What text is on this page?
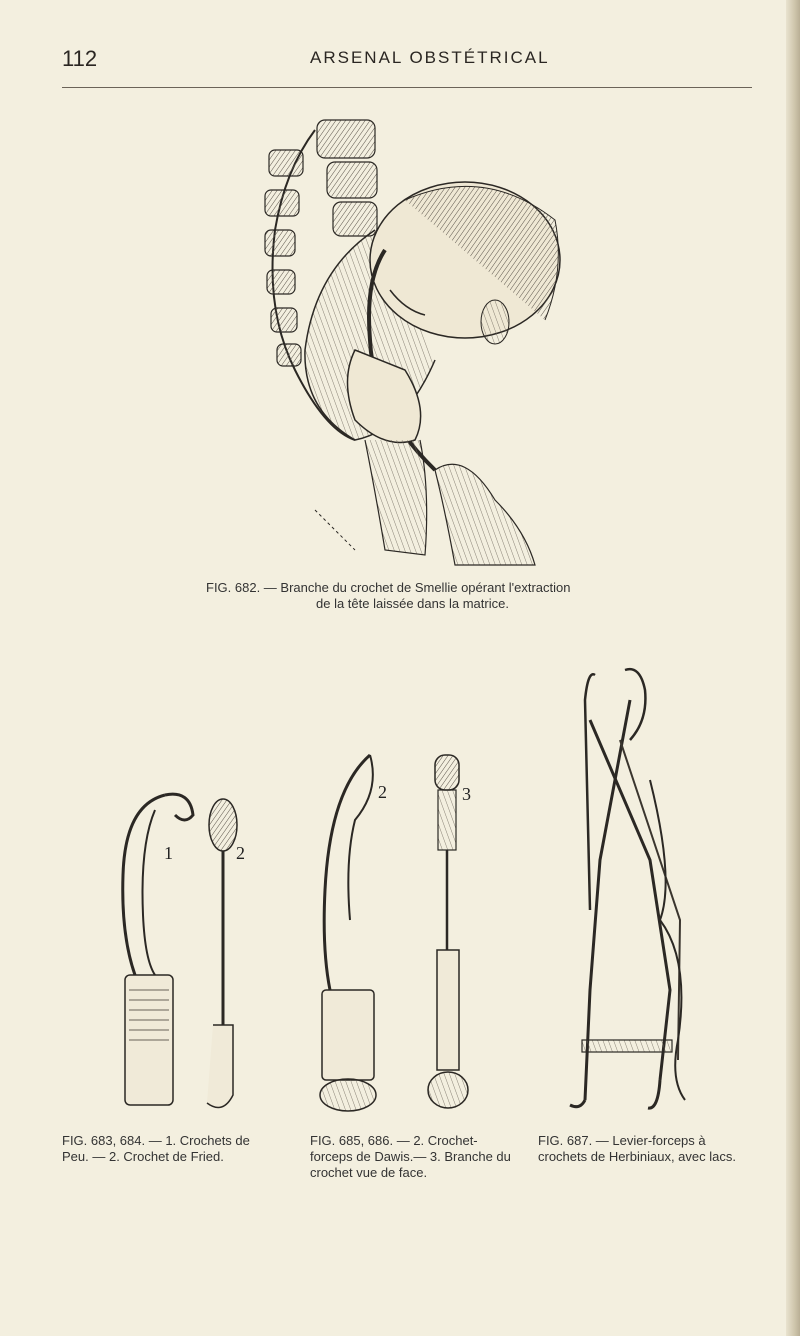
112	ARSENAL OBSTÉTRICAL
FIG. 682. — Branche du crochet de Smellie opérant l'extraction
de la tête laissée dans la matrice.
1	2
FIG. 683, 684. — 1. Crochets de Peu. — 2. Crochet de Fried.
2	3
FIG. 685, 686. — 2. Crochet-forceps de Dawis.— 3. Branche du crochet vue de face.
FIG. 687. — Levier-forceps à crochets de Herbiniaux, avec lacs.
